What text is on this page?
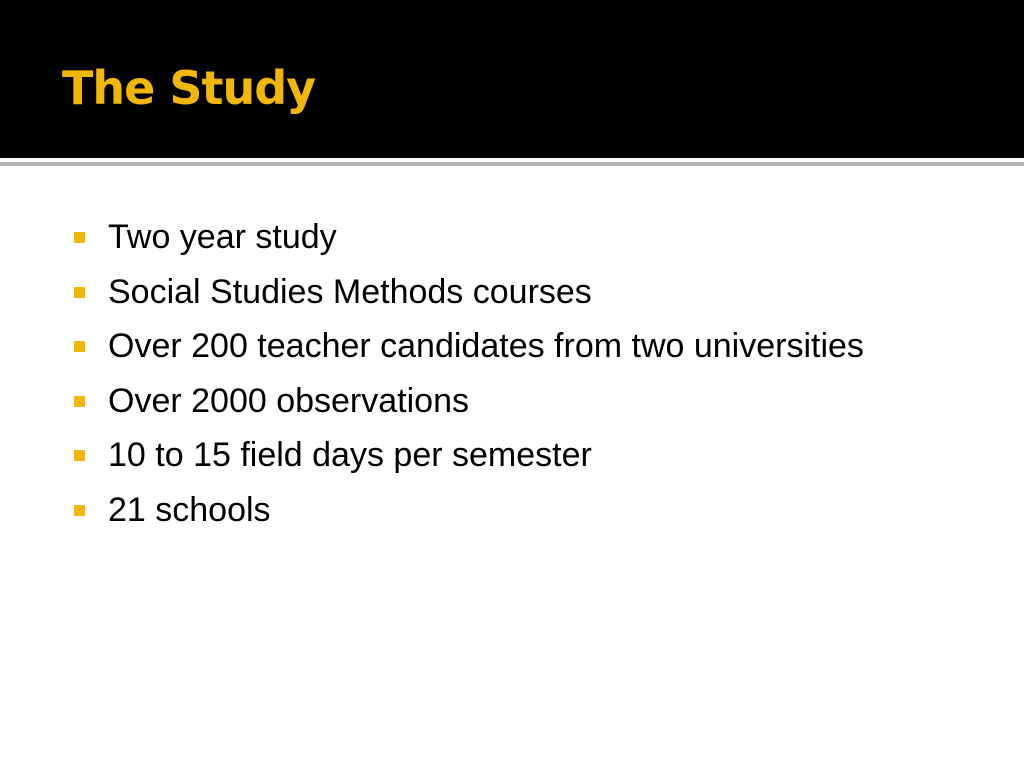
The Study
Two year study
Social Studies Methods courses
Over 200 teacher candidates from two universities
Over 2000 observations
10 to 15 field days per semester
21 schools
